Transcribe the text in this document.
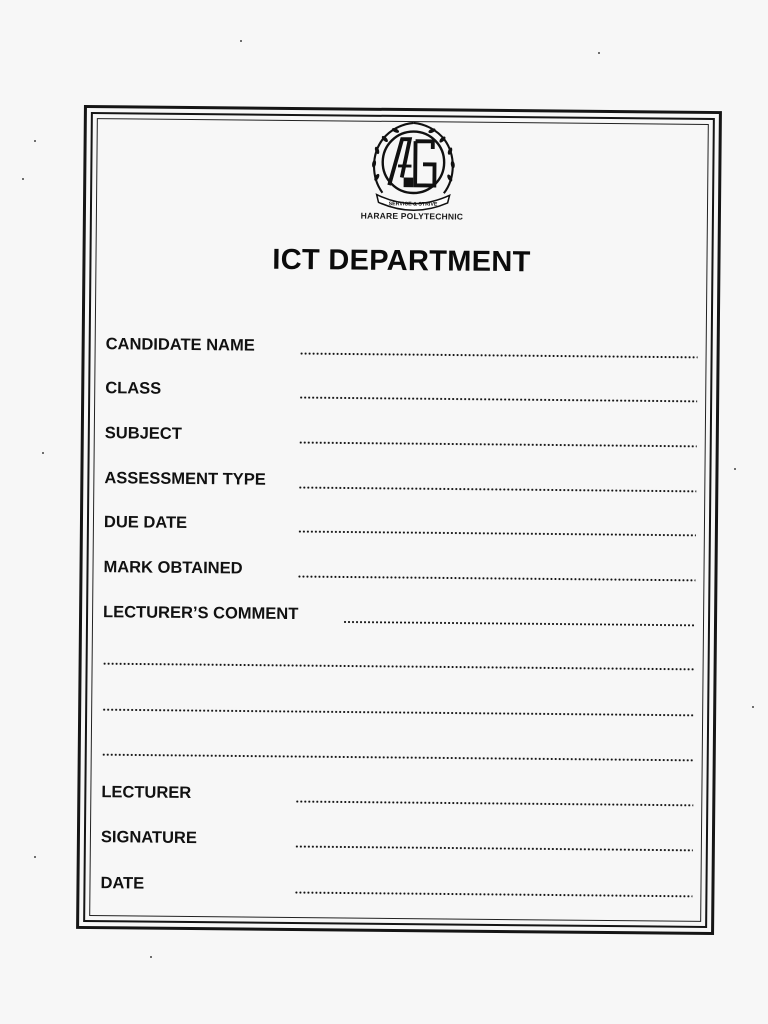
SERVICE & STRIVE
HARARE POLYTECHNIC
ICT DEPARTMENT
CANDIDATE NAME
CLASS
SUBJECT
ASSESSMENT TYPE
DUE DATE
MARK OBTAINED
LECTURER’S COMMENT
LECTURER
SIGNATURE
DATE
